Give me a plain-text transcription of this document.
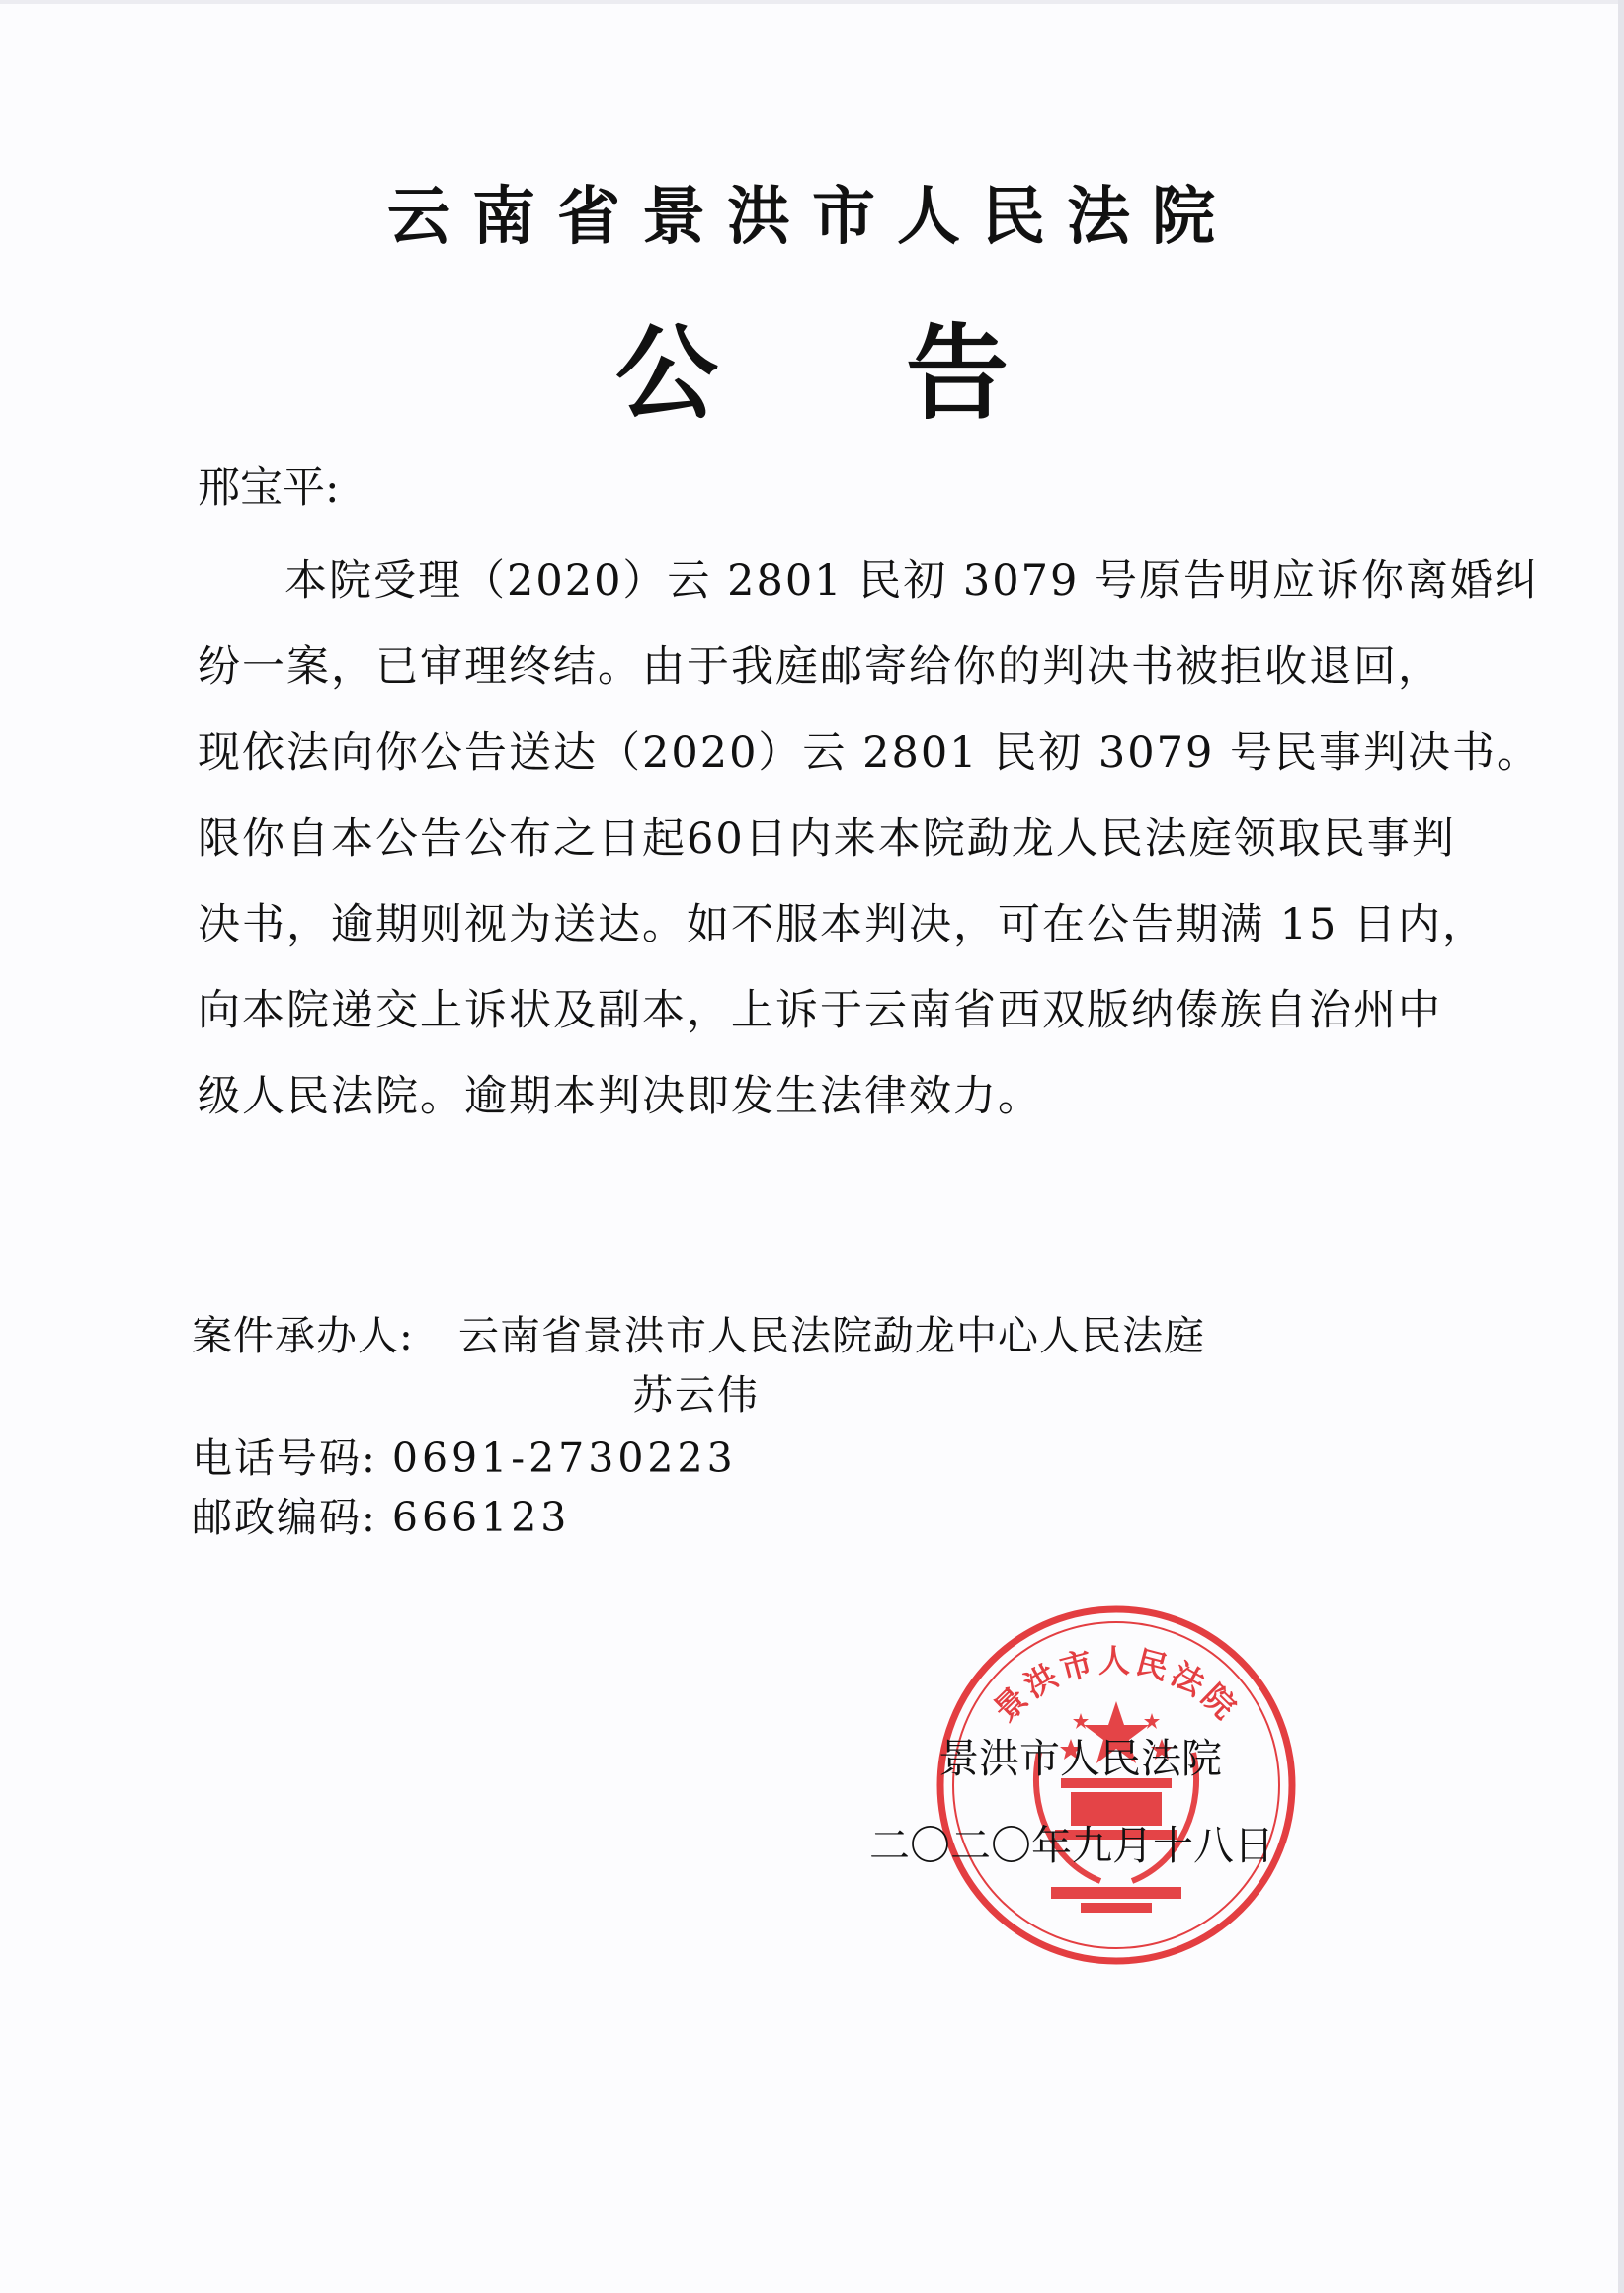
云南省景洪市人民法院
公告
邢宝平:
本院受理（2020）云 2801 民初 3079 号原告明应诉你离婚纠
纷一案，已审理终结。由于我庭邮寄给你的判决书被拒收退回，
现依法向你公告送达（2020）云 2801 民初 3079 号民事判决书。
限你自本公告公布之日起60日内来本院勐龙人民法庭领取民事判
决书，逾期则视为送达。如不服本判决，可在公告期满 15 日内，
向本院递交上诉状及副本，上诉于云南省西双版纳傣族自治州中
级人民法院。逾期本判决即发生法律效力。
案件承办人: 云南省景洪市人民法院勐龙中心人民法庭
苏云伟
电话号码: 0691-2730223
邮政编码: 666123
景洪市人民法院
景洪市人民法院
二〇二〇年九月十八日
